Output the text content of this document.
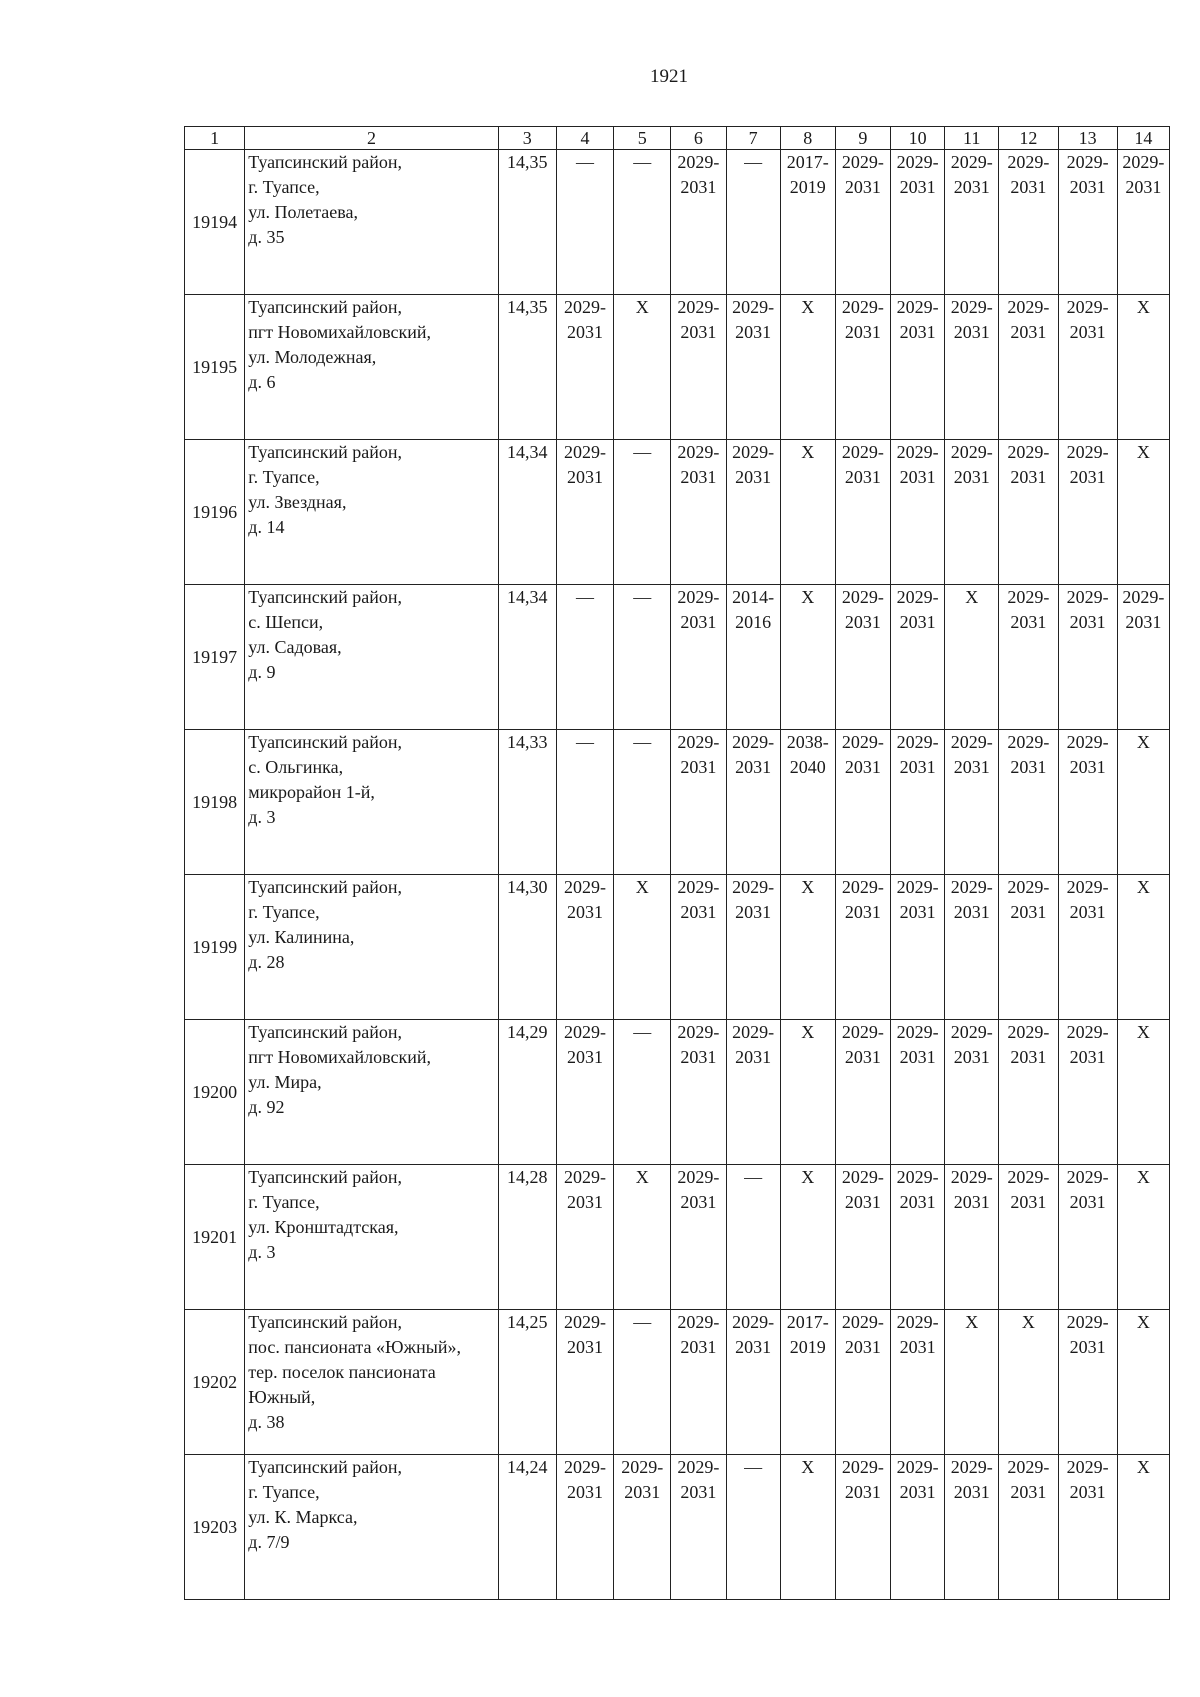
1921
1	2	3	4	5	6	7	8	9	10	11	12	13	14
19194	Туапсинский район,
г. Туапсе,
ул. Полетаева,
д. 35	14,35	—	—	2029-
2031	—	2017-
2019	2029-
2031	2029-
2031	2029-
2031	2029-
2031	2029-
2031	2029-
2031
19195	Туапсинский район,
пгт Новомихайловский,
ул. Молодежная,
д. 6	14,35	2029-
2031	X	2029-
2031	2029-
2031	X	2029-
2031	2029-
2031	2029-
2031	2029-
2031	2029-
2031	X
19196	Туапсинский район,
г. Туапсе,
ул. Звездная,
д. 14	14,34	2029-
2031	—	2029-
2031	2029-
2031	X	2029-
2031	2029-
2031	2029-
2031	2029-
2031	2029-
2031	X
19197	Туапсинский район,
с. Шепси,
ул. Садовая,
д. 9	14,34	—	—	2029-
2031	2014-
2016	X	2029-
2031	2029-
2031	X	2029-
2031	2029-
2031	2029-
2031
19198	Туапсинский район,
с. Ольгинка,
микрорайон 1-й,
д. 3	14,33	—	—	2029-
2031	2029-
2031	2038-
2040	2029-
2031	2029-
2031	2029-
2031	2029-
2031	2029-
2031	X
19199	Туапсинский район,
г. Туапсе,
ул. Калинина,
д. 28	14,30	2029-
2031	X	2029-
2031	2029-
2031	X	2029-
2031	2029-
2031	2029-
2031	2029-
2031	2029-
2031	X
19200	Туапсинский район,
пгт Новомихайловский,
ул. Мира,
д. 92	14,29	2029-
2031	—	2029-
2031	2029-
2031	X	2029-
2031	2029-
2031	2029-
2031	2029-
2031	2029-
2031	X
19201	Туапсинский район,
г. Туапсе,
ул. Кронштадтская,
д. 3	14,28	2029-
2031	X	2029-
2031	—	X	2029-
2031	2029-
2031	2029-
2031	2029-
2031	2029-
2031	X
19202	Туапсинский район,
пос. пансионата «Южный»,
тер. поселок пансионата
Южный,
д. 38	14,25	2029-
2031	—	2029-
2031	2029-
2031	2017-
2019	2029-
2031	2029-
2031	X	X	2029-
2031	X
19203	Туапсинский район,
г. Туапсе,
ул. К. Маркса,
д. 7/9	14,24	2029-
2031	2029-
2031	2029-
2031	—	X	2029-
2031	2029-
2031	2029-
2031	2029-
2031	2029-
2031	X
